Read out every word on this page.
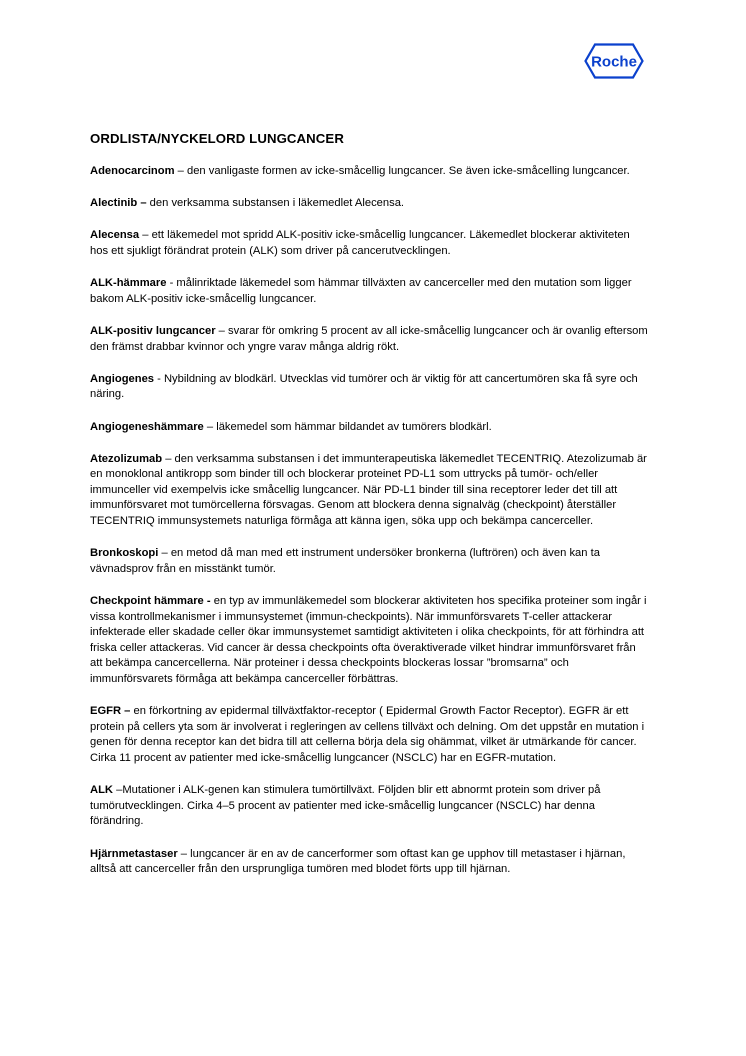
Roche
ORDLISTA/NYCKELORD LUNGCANCER

Adenocarcinom – den vanligaste formen av icke-småcellig lungcancer. Se även icke-småcelling lungcancer.

Alectinib – den verksamma substansen i läkemedlet Alecensa.

Alecensa – ett läkemedel mot spridd ALK-positiv icke-småcellig lungcancer. Läkemedlet blockerar aktiviteten hos ett sjukligt förändrat protein (ALK) som driver på cancerutvecklingen.

ALK-hämmare - målinriktade läkemedel som hämmar tillväxten av cancerceller med den mutation som ligger bakom ALK-positiv icke-småcellig lungcancer.

ALK-positiv lungcancer – svarar för omkring 5 procent av all icke-småcellig lungcancer och är ovanlig eftersom den främst drabbar kvinnor och yngre varav många aldrig rökt.

Angiogenes - Nybildning av blodkärl. Utvecklas vid tumörer och är viktig för att cancertumören ska få syre och näring.

Angiogeneshämmare – läkemedel som hämmar bildandet av tumörers blodkärl.

Atezolizumab – den verksamma substansen i det immunterapeutiska läkemedlet TECENTRIQ. Atezolizumab är en monoklonal antikropp som binder till och blockerar proteinet PD-L1 som uttrycks på tumör- och/eller immunceller vid exempelvis icke småcellig lungcancer. När PD-L1 binder till sina receptorer leder det till att immunförsvaret mot tumörcellerna försvagas. Genom att blockera denna signalväg (checkpoint) återställer TECENTRIQ immunsystemets naturliga förmåga att känna igen, söka upp och bekämpa cancerceller.

Bronkoskopi – en metod då man med ett instrument undersöker bronkerna (luftrören) och även kan ta vävnadsprov från en misstänkt tumör.

Checkpoint hämmare - en typ av immunläkemedel som blockerar aktiviteten hos specifika proteiner som ingår i vissa kontrollmekanismer i immunsystemet (immun-checkpoints). När immunförsvarets T-celler attackerar infekterade eller skadade celler ökar immunsystemet samtidigt aktiviteten i olika checkpoints, för att förhindra att friska celler attackeras. Vid cancer är dessa checkpoints ofta överaktiverade vilket hindrar immunförsvaret från att bekämpa cancercellerna. När proteiner i dessa checkpoints blockeras lossar ”bromsarna” och immunförsvarets förmåga att bekämpa cancerceller förbättras.

EGFR – en förkortning av epidermal tillväxtfaktor-receptor ( Epidermal Growth Factor Receptor). EGFR är ett protein på cellers yta som är involverat i regleringen av cellens tillväxt och delning. Om det uppstår en mutation i genen för denna receptor kan det bidra till att cellerna börja dela sig ohämmat, vilket är utmärkande för cancer. Cirka 11 procent av patienter med icke-småcellig lungcancer (NSCLC) har en EGFR-mutation.

ALK –Mutationer i ALK-genen kan stimulera tumörtillväxt. Följden blir ett abnormt protein som driver på tumörutvecklingen. Cirka 4–5 procent av patienter med icke-småcellig lungcancer (NSCLC) har denna förändring.

Hjärnmetastaser – lungcancer är en av de cancerformer som oftast kan ge upphov till metastaser i hjärnan, alltså att cancerceller från den ursprungliga tumören med blodet förts upp till hjärnan.
